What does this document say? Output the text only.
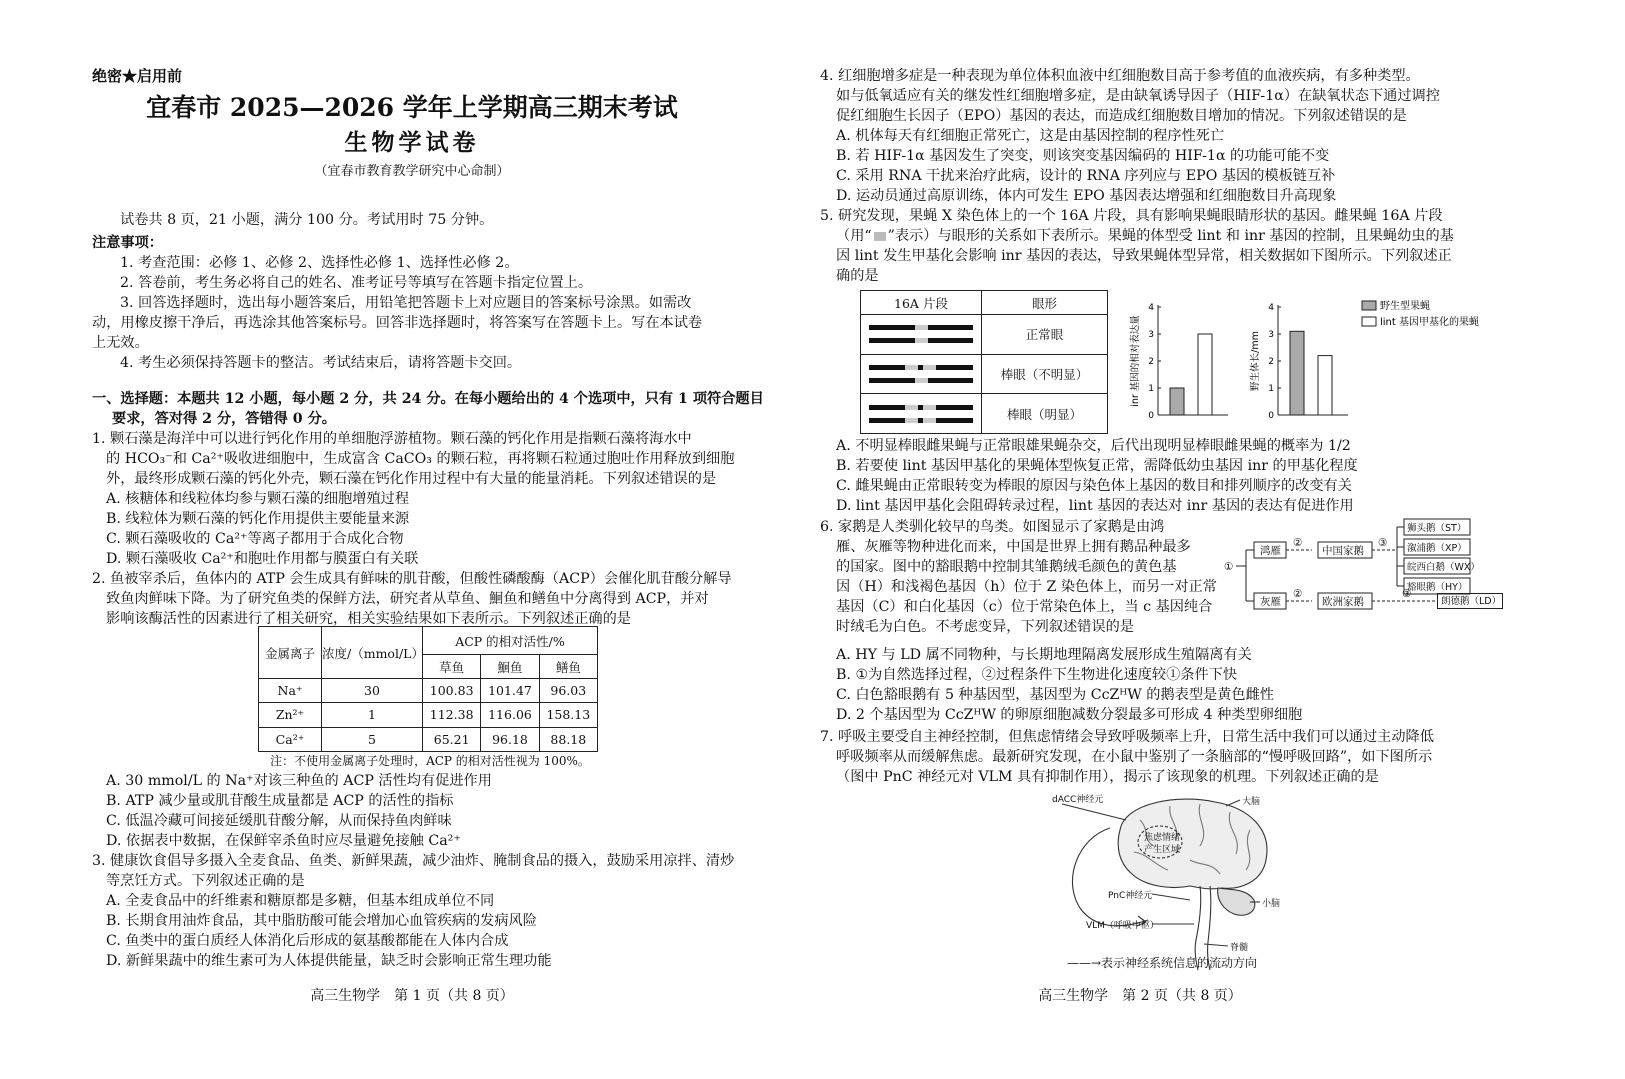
绝密★启用前
宜春市 2025—2026 学年上学期高三期末考试
生物学试卷
（宜春市教育教学研究中心命制）
试卷共 8 页，21 小题，满分 100 分。考试用时 75 分钟。
注意事项：
1. 考查范围：必修 1、必修 2、选择性必修 1、选择性必修 2。
2. 答卷前，考生务必将自己的姓名、准考证号等填写在答题卡指定位置上。
3. 回答选择题时，选出每小题答案后，用铅笔把答题卡上对应题目的答案标号涂黑。如需改
动，用橡皮擦干净后，再选涂其他答案标号。回答非选择题时，将答案写在答题卡上。写在本试卷
上无效。
4. 考生必须保持答题卡的整洁。考试结束后，请将答题卡交回。
一、选择题：本题共 12 小题，每小题 2 分，共 24 分。在每小题给出的 4 个选项中，只有 1 项符合题目
要求，答对得 2 分，答错得 0 分。
1. 颗石藻是海洋中可以进行钙化作用的单细胞浮游植物。颗石藻的钙化作用是指颗石藻将海水中
的 HCO₃⁻和 Ca²⁺吸收进细胞中，生成富含 CaCO₃ 的颗石粒，再将颗石粒通过胞吐作用释放到细胞
外，最终形成颗石藻的钙化外壳，颗石藻在钙化作用过程中有大量的能量消耗。下列叙述错误的是
A. 核糖体和线粒体均参与颗石藻的细胞增殖过程
B. 线粒体为颗石藻的钙化作用提供主要能量来源
C. 颗石藻吸收的 Ca²⁺等离子都用于合成化合物
D. 颗石藻吸收 Ca²⁺和胞吐作用都与膜蛋白有关联
2. 鱼被宰杀后，鱼体内的 ATP 会生成具有鲜味的肌苷酸，但酸性磷酸酶（ACP）会催化肌苷酸分解导
致鱼肉鲜味下降。为了研究鱼类的保鲜方法，研究者从草鱼、鮰鱼和鳝鱼中分离得到 ACP，并对
影响该酶活性的因素进行了相关研究，相关实验结果如下表所示。下列叙述正确的是
金属离子	浓度/（mmol/L）	ACP 的相对活性/%		
		草鱼	鮰鱼	鳝鱼
Na⁺	30	100.83	101.47	96.03
Zn²⁺	1	112.38	116.06	158.13
Ca²⁺	5	65.21	96.18	88.18
注：不使用金属离子处理时，ACP 的相对活性视为 100%。
A. 30 mmol/L 的 Na⁺对该三种鱼的 ACP 活性均有促进作用
B. ATP 减少量或肌苷酸生成量都是 ACP 的活性的指标
C. 低温冷藏可间接延缓肌苷酸分解，从而保持鱼肉鲜味
D. 依据表中数据，在保鲜宰杀鱼时应尽量避免接触 Ca²⁺
3. 健康饮食倡导多摄入全麦食品、鱼类、新鲜果蔬，减少油炸、腌制食品的摄入，鼓励采用凉拌、清炒
等烹饪方式。下列叙述正确的是
A. 全麦食品中的纤维素和糖原都是多糖，但基本组成单位不同
B. 长期食用油炸食品，其中脂肪酸可能会增加心血管疾病的发病风险
C. 鱼类中的蛋白质经人体消化后形成的氨基酸都能在人体内合成
D. 新鲜果蔬中的维生素可为人体提供能量，缺乏时会影响正常生理功能
高三生物学　第 1 页（共 8 页）
4. 红细胞增多症是一种表现为单位体积血液中红细胞数目高于参考值的血液疾病，有多种类型。
如与低氧适应有关的继发性红细胞增多症，是由缺氧诱导因子（HIF-1α）在缺氧状态下通过调控
促红细胞生长因子（EPO）基因的表达，而造成红细胞数目增加的情况。下列叙述错误的是
A. 机体每天有红细胞正常死亡，这是由基因控制的程序性死亡
B. 若 HIF-1α 基因发生了突变，则该突变基因编码的 HIF-1α 的功能可能不变
C. 采用 RNA 干扰来治疗此病，设计的 RNA 序列应与 EPO 基因的模板链互补
D. 运动员通过高原训练，体内可发生 EPO 基因表达增强和红细胞数目升高现象
5. 研究发现，果蝇 X 染色体上的一个 16A 片段，具有影响果蝇眼睛形状的基因。雌果蝇 16A 片段
（用“ ”表示）与眼形的关系如下表所示。果蝇的体型受 lint 和 inr 基因的控制，且果蝇幼虫的基
因 lint 发生甲基化会影响 inr 基因的表达，导致果蝇体型异常，相关数据如下图所示。下列叙述正
确的是
16A 片段	眼形

	正常眼

	棒眼（不明显）

	棒眼（明显）	0
1
2
3
4
inr 基因的相对表达量
0
1
2
3
4
野生体长/mm
野生型果蝇
lint 基因甲基化的果蝇
A. 不明显棒眼雌果蝇与正常眼雄果蝇杂交，后代出现明显棒眼雌果蝇的概率为 1/2
B. 若要使 lint 基因甲基化的果蝇体型恢复正常，需降低幼虫基因 inr 的甲基化程度
C. 雌果蝇由正常眼转变为棒眼的原因与染色体上基因的数目和排列顺序的改变有关
D. lint 基因甲基化会阻碍转录过程，lint 基因的表达对 inr 基因的表达有促进作用
6. 家鹅是人类驯化较早的鸟类。如图显示了家鹅是由鸿
雁、灰雁等物种进化而来，中国是世界上拥有鹅品种最多
的国家。图中的豁眼鹅中控制其雏鹅绒毛颜色的黄色基
因（H）和浅褐色基因（h）位于 Z 染色体上，而另一对正常
基因（C）和白化基因（c）位于常染色体上，当 c 基因纯合
时绒毛为白色。不考虑变异，下列叙述错误的是
①
鸿雁
灰雁
②
②
中国家鹅
欧洲家鹅
③
③
狮头鹅（ST）
溆浦鹅（XP）
皖西白鹅（WX）
豁眼鹅（HY）
朗德鹅（LD）
A. HY 与 LD 属不同物种，与长期地理隔离发展形成生殖隔离有关
B. ①为自然选择过程，②过程条件下生物进化速度较①条件下快
C. 白色豁眼鹅有 5 种基因型，基因型为 CcZᴴW 的鹅表型是黄色雌性
D. 2 个基因型为 CcZᴴW 的卵原细胞减数分裂最多可形成 4 种类型卵细胞
7. 呼吸主要受自主神经控制，但焦虑情绪会导致呼吸频率上升，日常生活中我们可以通过主动降低
呼吸频率从而缓解焦虑。最新研究发现，在小鼠中鉴别了一条脑部的“慢呼吸回路”，如下图所示
（图中 PnC 神经元对 VLM 具有抑制作用），揭示了该现象的机理。下列叙述正确的是
dACC神经元	大脑
焦虑情绪
产生区域
PnC神经元
小脑
VLM（呼吸中枢）
脊髓
——→表示神经系统信息的流动方向
高三生物学　第 2 页（共 8 页）
